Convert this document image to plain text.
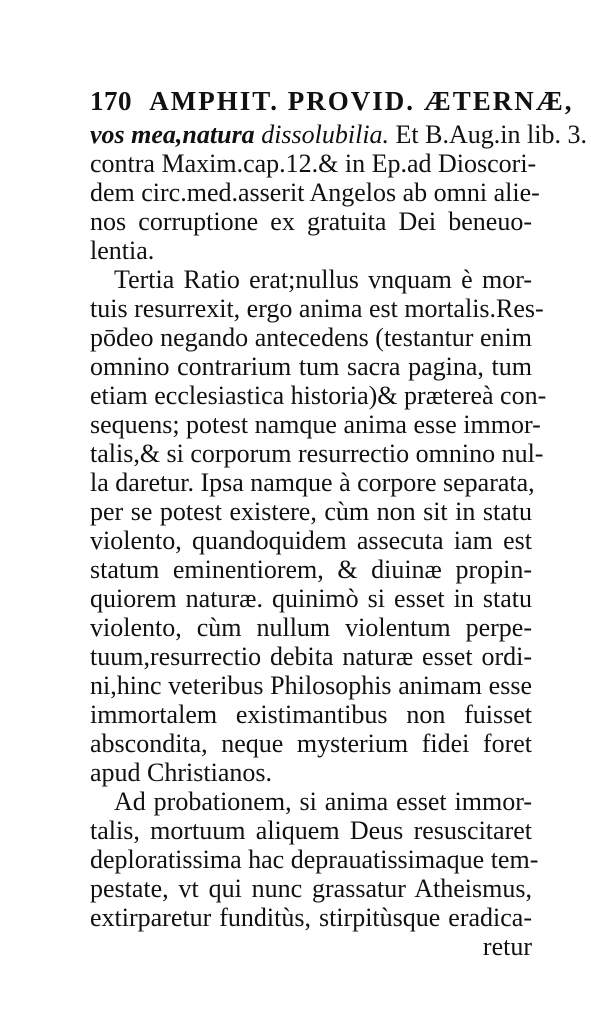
170 AMPHIT. PROVID. ÆTERNÆ,
vos mea,natura dissolubilia. Et B.Aug.in lib. 3.
contra Maxim.cap.12.& in Ep.ad Dioscori-
dem circ.med.asserit Angelos ab omni alie-
nos corruptione ex gratuita Dei beneuo-
lentia.
Tertia Ratio erat;nullus vnquam è mor-
tuis resurrexit, ergo anima est mortalis.Res-
pōdeo negando antecedens (testantur enim
omnino contrarium tum sacra pagina, tum
etiam ecclesiastica historia)& prætereà con-
sequens; potest namque anima esse immor-
talis,& si corporum resurrectio omnino nul-
la daretur. Ipsa namque à corpore separata,
per se potest existere, cùm non sit in statu
violento, quandoquidem assecuta iam est
statum eminentiorem, & diuinæ propin-
quiorem naturæ. quinimò si esset in statu
violento, cùm nullum violentum perpe-
tuum,resurrectio debita naturæ esset ordi-
ni,hinc veteribus Philosophis animam esse
immortalem existimantibus non fuisset
abscondita, neque mysterium fidei foret
apud Christianos.
Ad probationem, si anima esset immor-
talis, mortuum aliquem Deus resuscitaret
deploratissima hac deprauatissimaque tem-
pestate, vt qui nunc grassatur Atheismus,
extirparetur funditùs, stirpitùsque eradica-
retur
